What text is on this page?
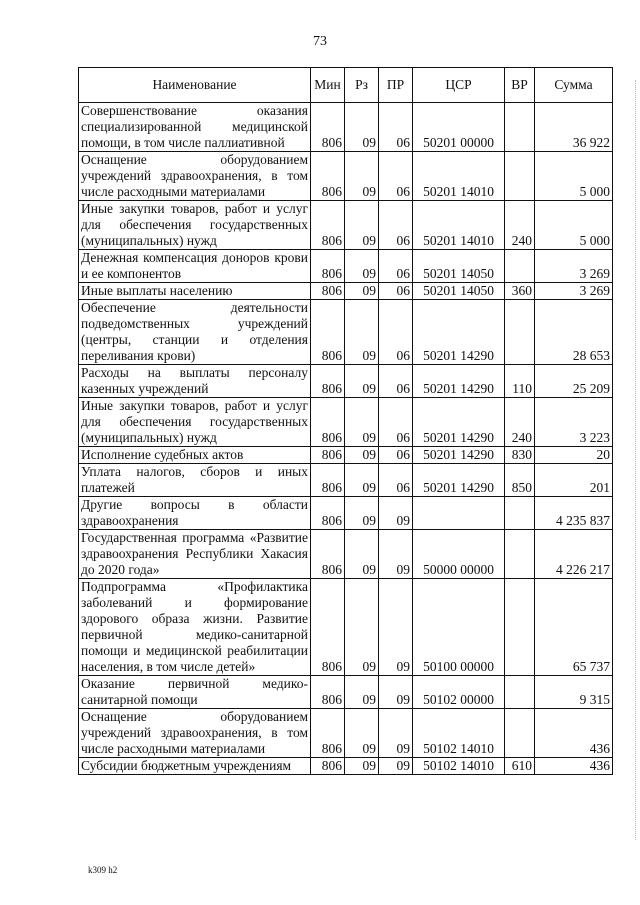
73
Наименование	Мин	Рз	ПР	ЦСР	ВР	Сумма
Совершенствование оказания специализированной медицинской помощи, в том числе паллиативной	806	09	06	50201 00000		36 922
Оснащение оборудованием учреждений здравоохранения, в том числе расходными материалами	806	09	06	50201 14010		5 000
Иные закупки товаров, работ и услуг для обеспечения государственных (муниципальных) нужд	806	09	06	50201 14010	240	5 000
Денежная компенсация доноров крови и ее компонентов	806	09	06	50201 14050		3 269
Иные выплаты населению	806	09	06	50201 14050	360	3 269
Обеспечение деятельности подведомственных учреждений (центры, станции и отделения переливания крови)	806	09	06	50201 14290		28 653
Расходы на выплаты персоналу казенных учреждений	806	09	06	50201 14290	110	25 209
Иные закупки товаров, работ и услуг для обеспечения государственных (муниципальных) нужд	806	09	06	50201 14290	240	3 223
Исполнение судебных актов	806	09	06	50201 14290	830	20
Уплата налогов, сборов и иных платежей	806	09	06	50201 14290	850	201
Другие вопросы в области здравоохранения	806	09	09			4 235 837
Государственная программа «Развитие здравоохранения Республики Хакасия до 2020 года»	806	09	09	50000 00000		4 226 217
Подпрограмма «Профилактика заболеваний и формирование здорового образа жизни. Развитие первичной медико-санитарной помощи и медицинской реабилитации населения, в том числе детей»	806	09	09	50100 00000		65 737
Оказание первичной медико-санитарной помощи	806	09	09	50102 00000		9 315
Оснащение оборудованием учреждений здравоохранения, в том числе расходными материалами	806	09	09	50102 14010		436
Субсидии бюджетным учреждениям	806	09	09	50102 14010	610	436
k309 h2
